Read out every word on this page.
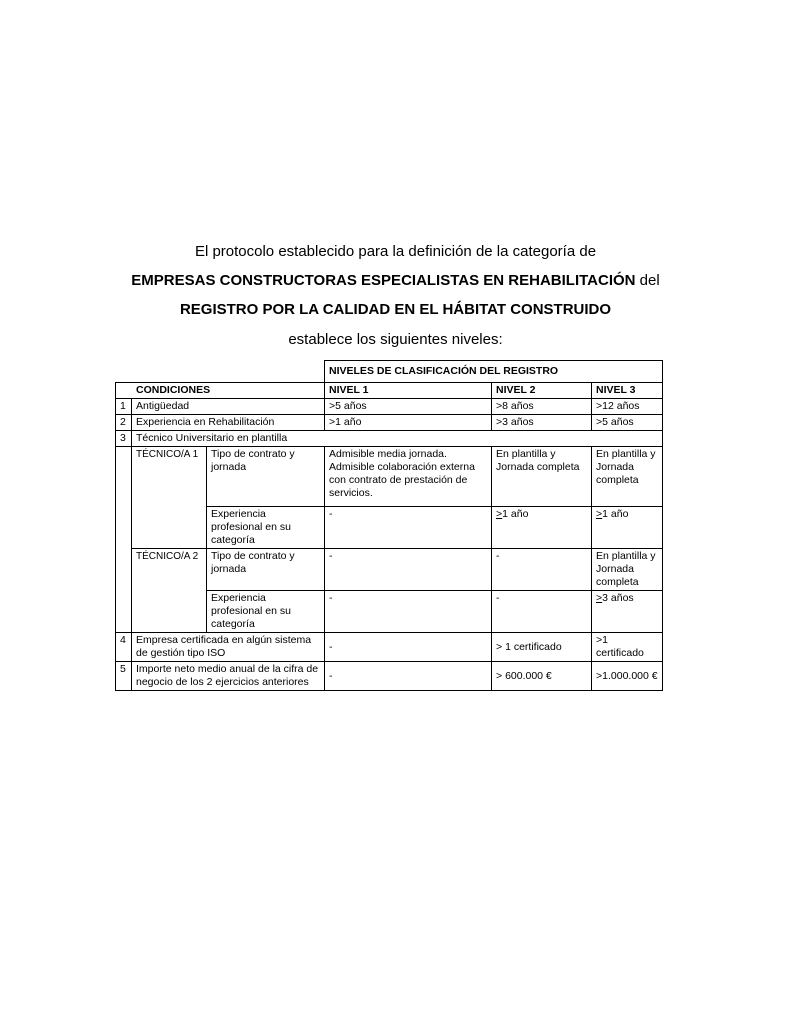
El protocolo establecido para la definición de la categoría de
EMPRESAS CONSTRUCTORAS ESPECIALISTAS EN REHABILITACIÓN del
REGISTRO POR LA CALIDAD EN EL HÁBITAT CONSTRUIDO
establece los siguientes niveles:
			NIVELES DE CLASIFICACIÓN DEL REGISTRO		
CONDICIONES			NIVEL 1	NIVEL 2	NIVEL 3
1	Antigüedad		>5 años	>8 años	>12 años
2	Experiencia en Rehabilitación		>1 año	>3 años	>5 años
3	Técnico Universitario en plantilla				
	TÉCNICO/A 1	Tipo de contrato y jornada	Admisible media jornada. Admisible colaboración externa con contrato de prestación de servicios.	En plantilla y Jornada completa	En plantilla y Jornada completa
		Experiencia profesional en su categoría	-	≥1 año	≥1 año
	TÉCNICO/A 2	Tipo de contrato y jornada	-	-	En plantilla y Jornada completa
		Experiencia profesional en su categoría	-	-	≥3 años
4	Empresa certificada en algún sistema de gestión tipo ISO		-	> 1 certificado	>1 certificado
5	Importe neto medio anual de la cifra de negocio de los 2 ejercicios anteriores		-	> 600.000 €	>1.000.000 €
